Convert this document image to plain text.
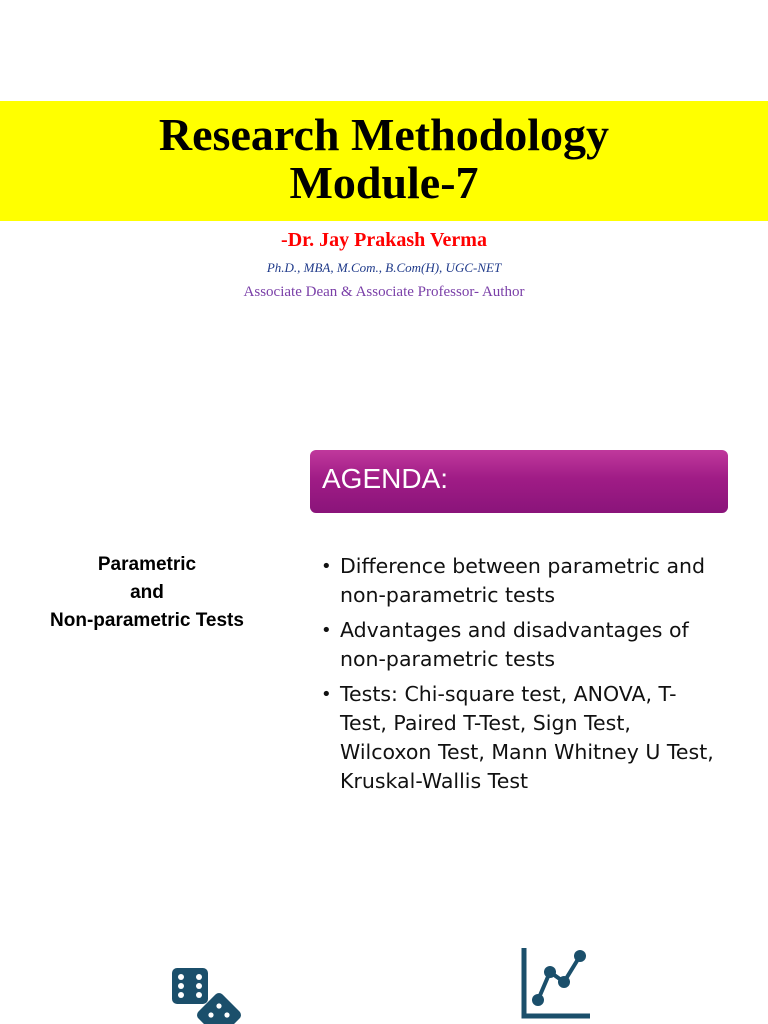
Research Methodology
Module-7
-Dr. Jay Prakash Verma
Ph.D., MBA, M.Com., B.Com(H), UGC-NET
Associate Dean & Associate Professor- Author
AGENDA:
Parametric
and
Non-parametric Tests
• Difference between parametric and non-parametric tests
• Advantages and disadvantages of non-parametric tests
• Tests: Chi-square test, ANOVA, T-Test, Paired T-Test, Sign Test, Wilcoxon Test, Mann Whitney U Test, Kruskal-Wallis Test
